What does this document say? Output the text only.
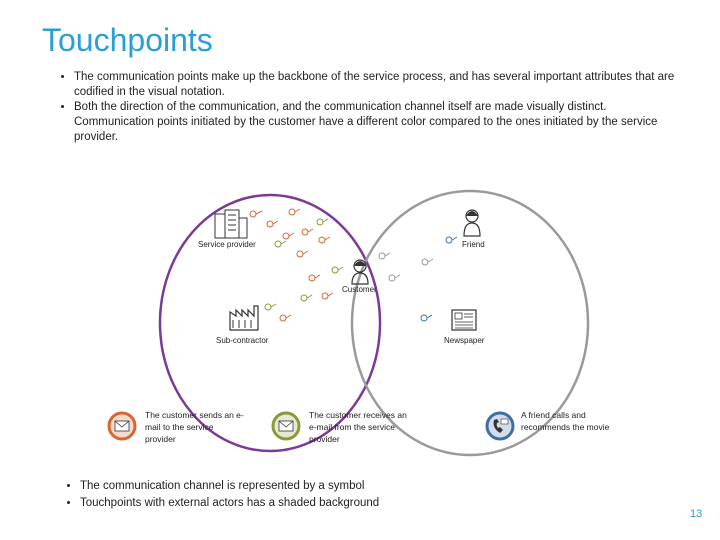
Touchpoints
• The communication points make up the backbone of the service process, and has several important attributes that are codified in the visual notation.
• Both the direction of the communication, and the communication channel itself are made visually distinct. Communication points initiated by the customer have a different color compared to the ones initiated by the service provider.
Service provider	Friend
Customer
Sub-contractor	Newspaper
The customer sends an e-mail to the service provider
The customer receives an e-mail from the service provider
A friend calls and recommends the movie
• The communication channel is represented by a symbol
• Touchpoints with external actors has a shaded background
13
